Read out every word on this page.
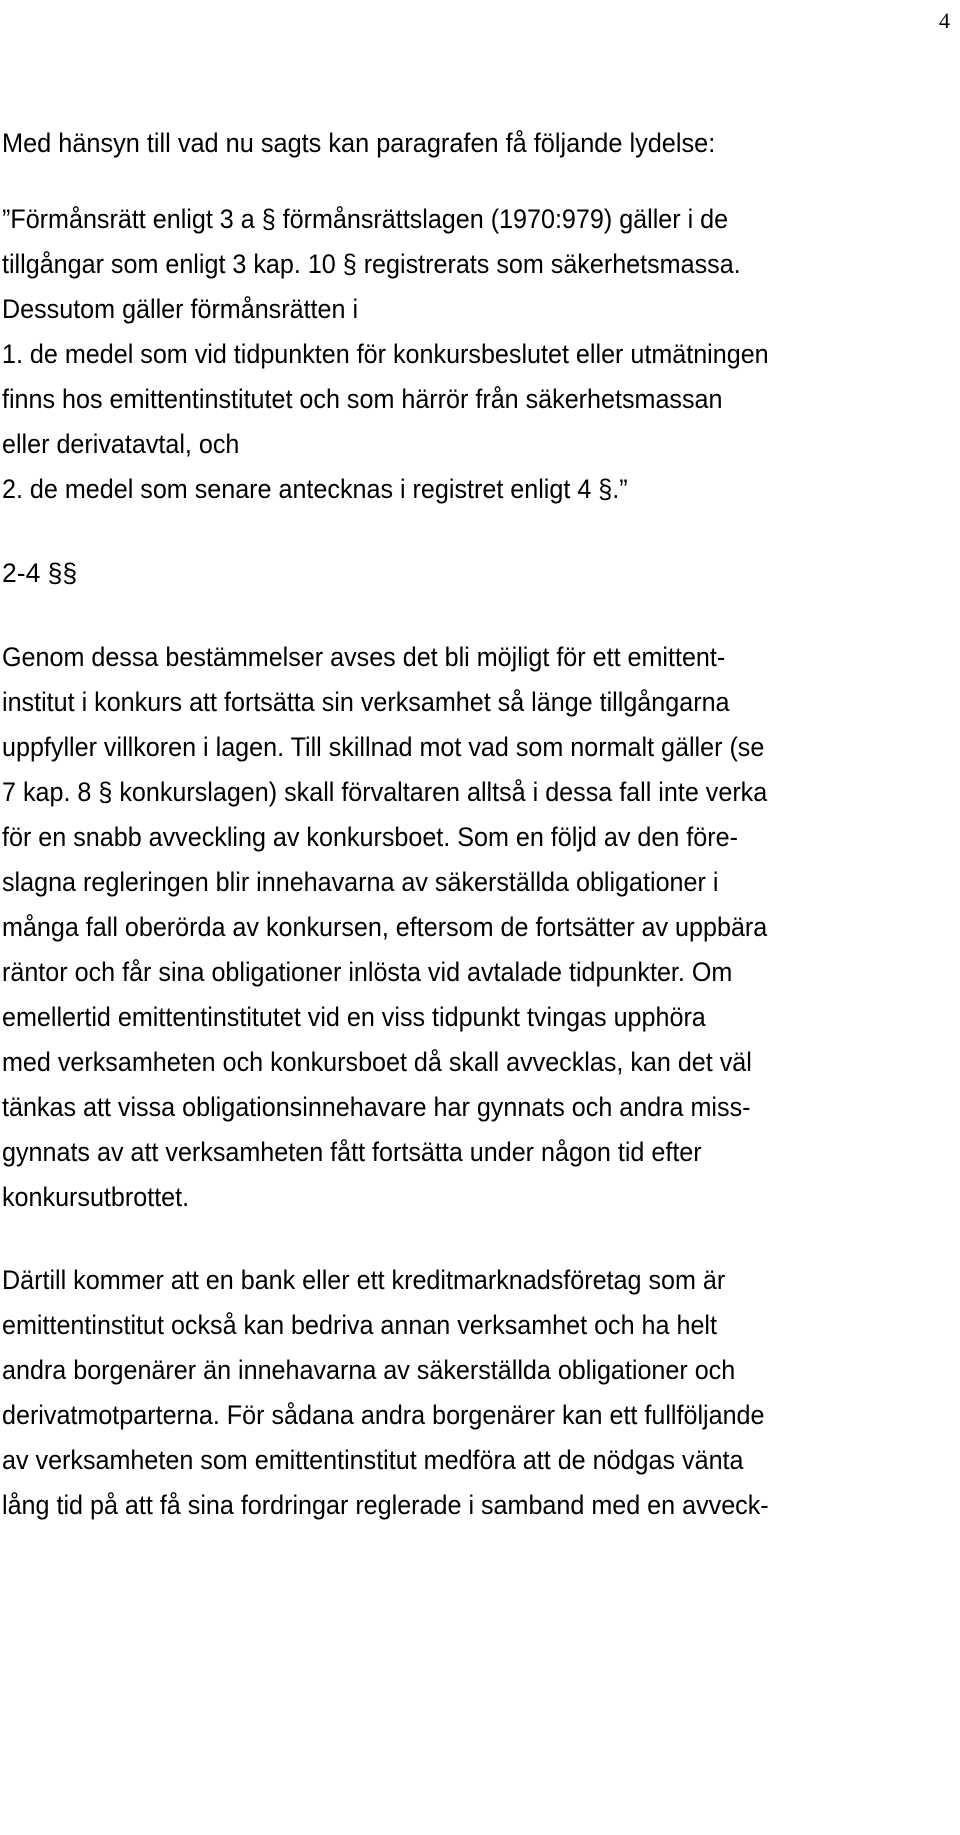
4

Med hänsyn till vad nu sagts kan paragrafen få följande lydelse:

”Förmånsrätt enligt 3 a § förmånsrättslagen (1970:979) gäller i de

tillgångar som enligt 3 kap. 10 § registrerats som säkerhetsmassa.

Dessutom gäller förmånsrätten i

1. de medel som vid tidpunkten för konkursbeslutet eller utmätningen

finns hos emittentinstitutet och som härrör från säkerhetsmassan

eller derivatavtal, och

2. de medel som senare antecknas i registret enligt 4 §.”

2-4 §§

Genom dessa bestämmelser avses det bli möjligt för ett emittent-

institut i konkurs att fortsätta sin verksamhet så länge tillgångarna

uppfyller villkoren i lagen. Till skillnad mot vad som normalt gäller (se

7 kap. 8 § konkurslagen) skall förvaltaren alltså i dessa fall inte verka

för en snabb avveckling av konkursboet. Som en följd av den före-

slagna regleringen blir innehavarna av säkerställda obligationer i

många fall oberörda av konkursen, eftersom de fortsätter av uppbära

räntor och får sina obligationer inlösta vid avtalade tidpunkter. Om

emellertid emittentinstitutet vid en viss tidpunkt tvingas upphöra

med verksamheten och konkursboet då skall avvecklas, kan det väl

tänkas att vissa obligationsinnehavare har gynnats och andra miss-

gynnats av att verksamheten fått fortsätta under någon tid efter

konkursutbrottet.

Därtill kommer att en bank eller ett kreditmarknadsföretag som är

emittentinstitut också kan bedriva annan verksamhet och ha helt

andra borgenärer än innehavarna av säkerställda obligationer och

derivatmotparterna. För sådana andra borgenärer kan ett fullföljande

av verksamheten som emittentinstitut medföra att de nödgas vänta

lång tid på att få sina fordringar reglerade i samband med en avveck-
